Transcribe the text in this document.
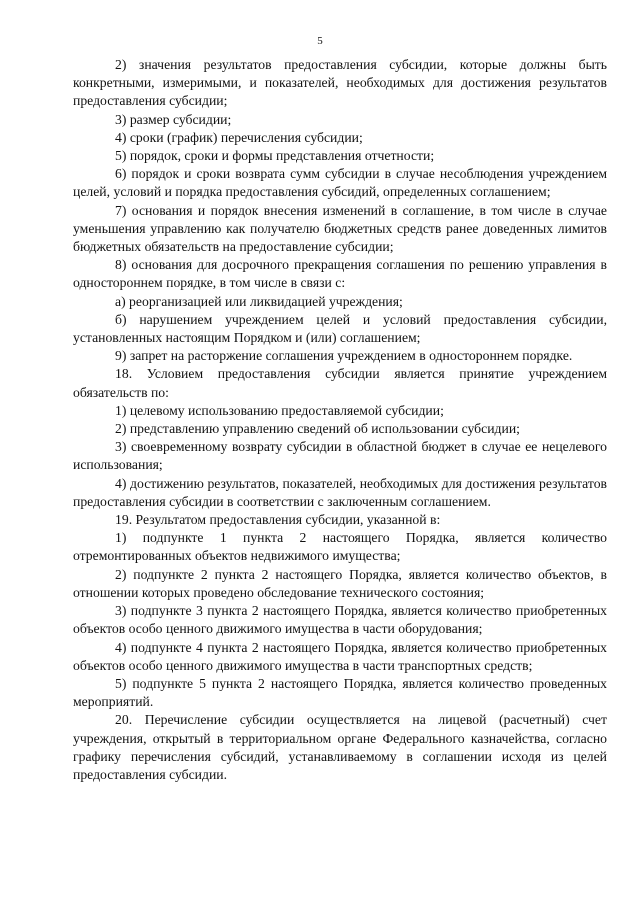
5

2) значения результатов предоставления субсидии, которые должны быть конкретными, измеримыми, и показателей, необходимых для достижения результатов предоставления субсидии;

3) размер субсидии;

4) сроки (график) перечисления субсидии;

5) порядок, сроки и формы представления отчетности;

6) порядок и сроки возврата сумм субсидии в случае несоблюдения учреждением целей, условий и порядка предоставления субсидий, определенных соглашением;

7) основания и порядок внесения изменений в соглашение, в том числе в случае уменьшения управлению как получателю бюджетных средств ранее доведенных лимитов бюджетных обязательств на предоставление субсидии;

8) основания для досрочного прекращения соглашения по решению управления в одностороннем порядке, в том числе в связи с:

а) реорганизацией или ликвидацией учреждения;

б) нарушением учреждением целей и условий предоставления субсидии, установленных настоящим Порядком и (или) соглашением;

9) запрет на расторжение соглашения учреждением в одностороннем порядке.

18. Условием предоставления субсидии является принятие учреждением обязательств по:

1) целевому использованию предоставляемой субсидии;

2) представлению управлению сведений об использовании субсидии;

3) своевременному возврату субсидии в областной бюджет в случае ее нецелевого использования;

4) достижению результатов, показателей, необходимых для достижения результатов предоставления субсидии в соответствии с заключенным соглашением.

19. Результатом предоставления субсидии, указанной в:

1) подпункте 1 пункта 2 настоящего Порядка, является количество отремонтированных объектов недвижимого имущества;

2) подпункте 2 пункта 2 настоящего Порядка, является количество объектов, в отношении которых проведено обследование технического состояния;

3) подпункте 3 пункта 2 настоящего Порядка, является количество приобретенных объектов особо ценного движимого имущества в части оборудования;

4) подпункте 4 пункта 2 настоящего Порядка, является количество приобретенных объектов особо ценного движимого имущества в части транспортных средств;

5) подпункте 5 пункта 2 настоящего Порядка, является количество проведенных мероприятий.

20. Перечисление субсидии осуществляется на лицевой (расчетный) счет учреждения, открытый в территориальном органе Федерального казначейства, согласно графику перечисления субсидий, устанавливаемому в соглашении исходя из целей предоставления субсидии.
